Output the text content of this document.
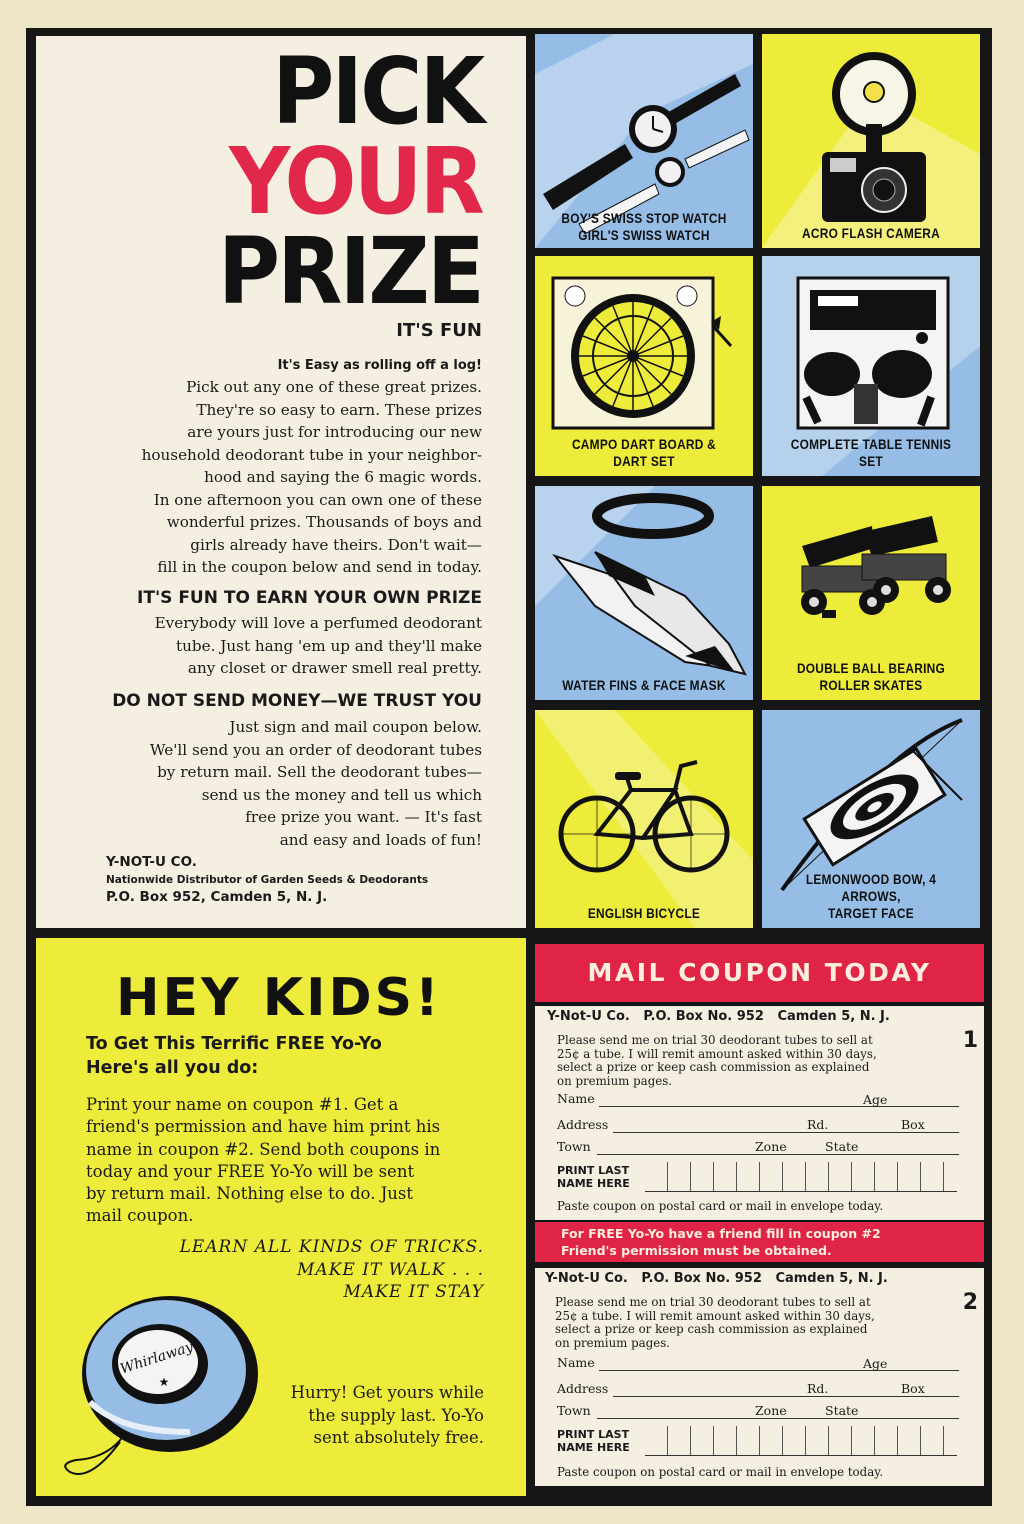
PICK
YOUR
PRIZE
IT'S FUN
It's Easy as rolling off a log!
Pick out any one of these great prizes.
They're so easy to earn. These prizes
are yours just for introducing our new
household deodorant tube in your neighbor-
hood and saying the 6 magic words.
In one afternoon you can own one of these
wonderful prizes. Thousands of boys and
girls already have theirs. Don't wait—
fill in the coupon below and send in today.
IT'S FUN TO EARN YOUR OWN PRIZE
Everybody will love a perfumed deodorant
tube. Just hang 'em up and they'll make
any closet or drawer smell real pretty.
DO NOT SEND MONEY—WE TRUST YOU
Just sign and mail coupon below.
We'll send you an order of deodorant tubes
by return mail. Sell the deodorant tubes—
send us the money and tell us which
free prize you want. — It's fast
and easy and loads of fun!
Y-NOT-U CO.
Nationwide Distributor of Garden Seeds & Deodorants
P.O. Box 952, Camden 5, N. J.
BOY'S SWISS STOP WATCH
GIRL'S SWISS WATCH	ACRO FLASH CAMERA
CAMPO DART BOARD &
DART SET
COMPLETE TABLE TENNIS SET
WATER FINS & FACE MASK
DOUBLE BALL BEARING
ROLLER SKATES
ENGLISH BICYCLE
LEMONWOOD BOW, 4 ARROWS,
TARGET FACE
HEY KIDS!
To Get This Terrific FREE Yo-Yo
Here's all you do:
Print your name on coupon #1. Get a
friend's permission and have him print his
name in coupon #2. Send both coupons in
today and your FREE Yo-Yo will be sent
by return mail. Nothing else to do. Just
mail coupon.
LEARN ALL KINDS OF TRICKS.
MAKE IT WALK . . .
MAKE IT STAY
Whirlaway
★
Hurry! Get yours while
the supply last. Yo-Yo
sent absolutely free.
MAIL COUPON TODAY
Y-Not-U Co.   P.O. Box No. 952   Camden 5, N. J.
Please send me on trial 30 deodorant tubes to sell at
25¢ a tube. I will remit amount asked within 30 days,
select a prize or keep cash commission as explained
on premium pages.
1
Name	Age
Address	Rd.	Box
Town	Zone	State
PRINT LAST
NAME HERE
Paste coupon on postal card or mail in envelope today.
For FREE Yo-Yo have a friend fill in coupon #2
Friend's permission must be obtained.
Y-Not-U Co.   P.O. Box No. 952   Camden 5, N. J.
Please send me on trial 30 deodorant tubes to sell at
25¢ a tube. I will remit amount asked within 30 days,
select a prize or keep cash commission as explained
on premium pages.
2
Name	Age
Address	Rd.	Box
Town	Zone	State
PRINT LAST
NAME HERE
Paste coupon on postal card or mail in envelope today.
